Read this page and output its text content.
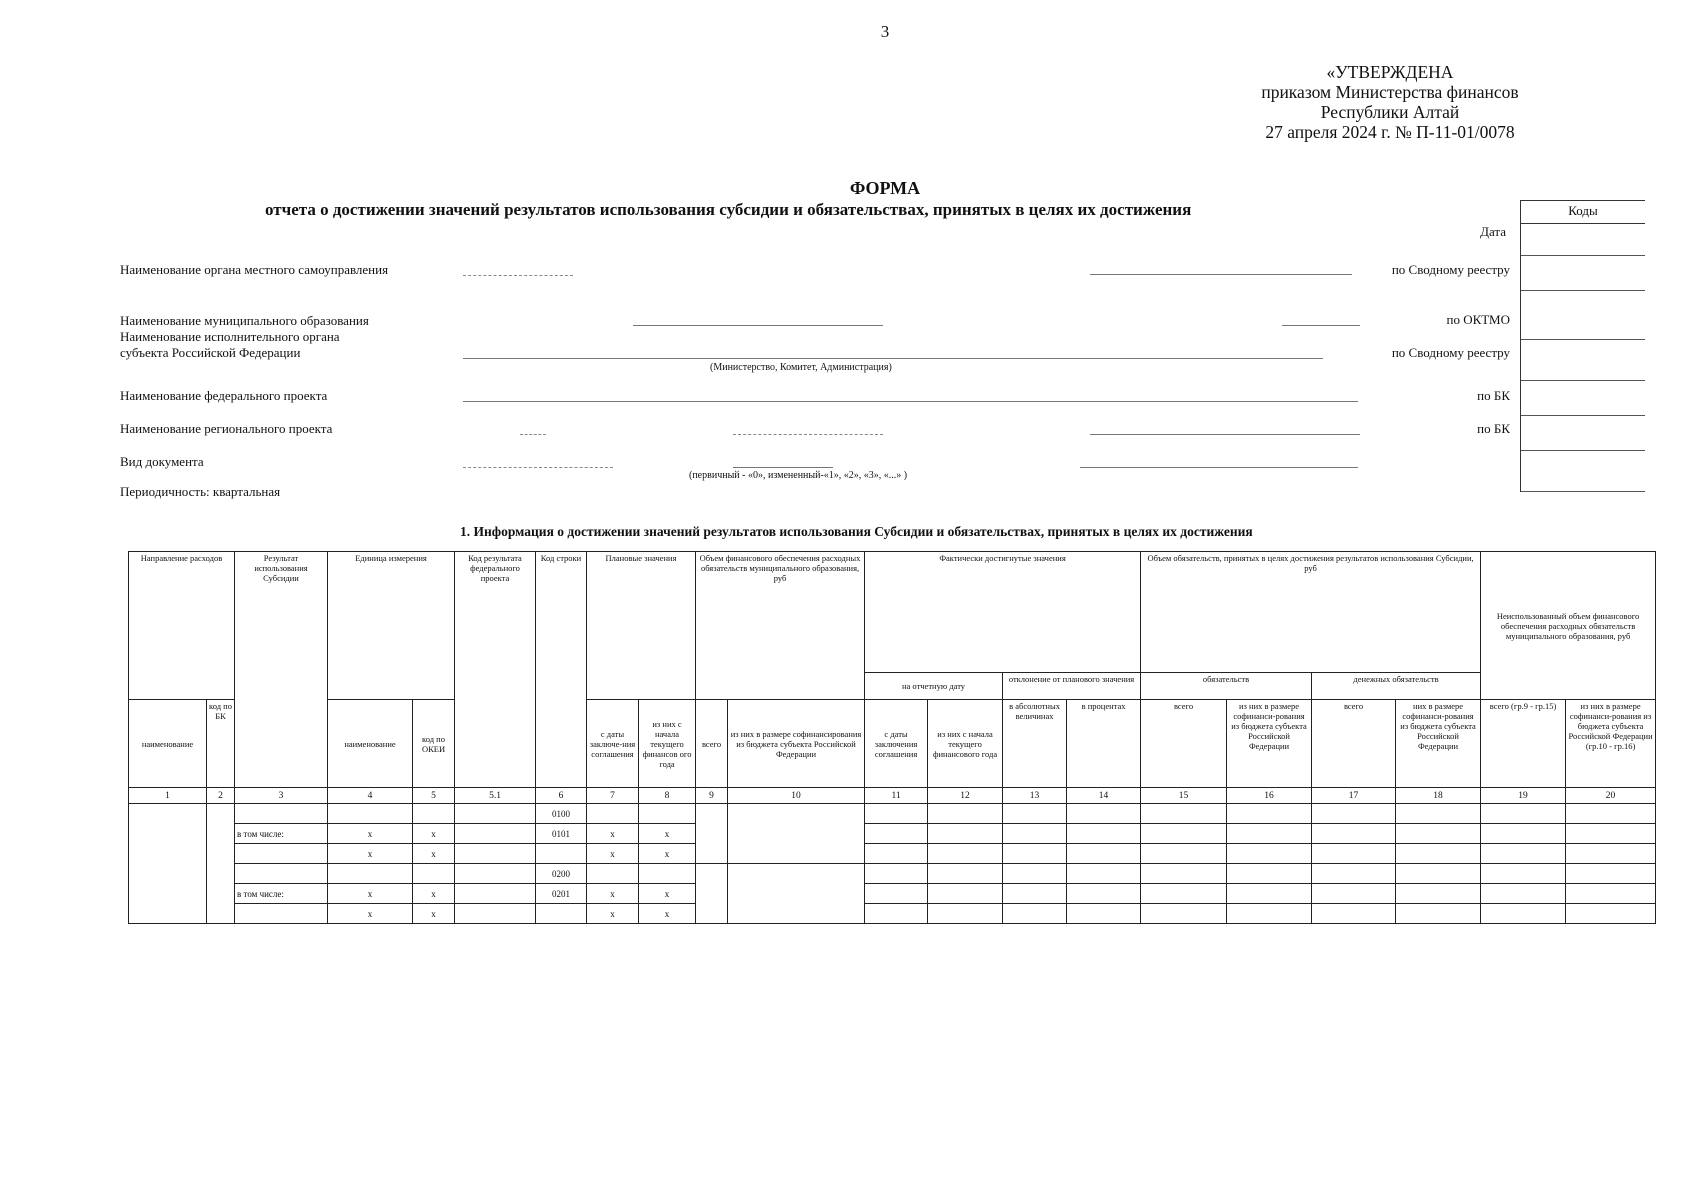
3
«УТВЕРЖДЕНА
приказом Министерства финансов
Республики Алтай
27 апреля 2024 г. № П-11-01/0078
ФОРМА
отчета о достижении значений результатов использования субсидии и обязательствах, принятых в целях их достижения	Коды
Дата
Наименование органа местного самоуправления
Наименование муниципального образования
Наименование исполнительного органа
субъекта Российской Федерации
(Министерство, Комитет, Администрация)
Наименование федерального проекта
Наименование регионального проекта
Вид документа
(первичный - «0», измененный-«1», «2», «3», «...» )
Периодичность: квартальная
по Сводному реестру
по ОКТМО
по Сводному реестру
по БК
по БК
1. Информация о достижении значений результатов использования Субсидии и обязательствах, принятых в целях их достижения
Направление расходов		Результат использования Субсидии	Единица измерения		Код результата федерального проекта	Код строки	Плановые значения		Объем финансового обеспечения расходных обязательств муниципального образования, руб		Фактически достигнутые значения				Объем обязательств, принятых в целях достижения результатов использования Субсидии, руб				Неиспользованный объем финансового обеспечения расходных обязательств муниципального образования, руб	
											на отчетную дату		отклонение от планового значения		обязательств		денежных обязательств			
наименование	код по БК		наименование	код по ОКЕИ			с даты заключе-ния соглашения	из них с начала текущего финансов ого года	всего	из них в размере софинансирования из бюджета субъекта Российской Федерации	с даты заключения соглашения	из них с начала текущего финансового года	в абсолютных величинах	в процентах	всего	из них в размере софинанси-рования из бюджета субъекта Российской Федерации	всего	них в размере софинанси-рования из бюджета субъекта Российской Федерации	всего (гр.9 - гр.15)	из них в размере софинанси-рования из бюджета субъекта Российской Федерации (гр.10 - гр.16)
1	2	3	4	5	5.1	6	7	8	9	10	11	12	13	14	15	16	17	18	19	20
						0100														
		в том числе:	x	x		0101	x	x												
			x	x			x	x												
						0200														
		в том числе:	x	x		0201	x	x												
			x	x			x	x												
